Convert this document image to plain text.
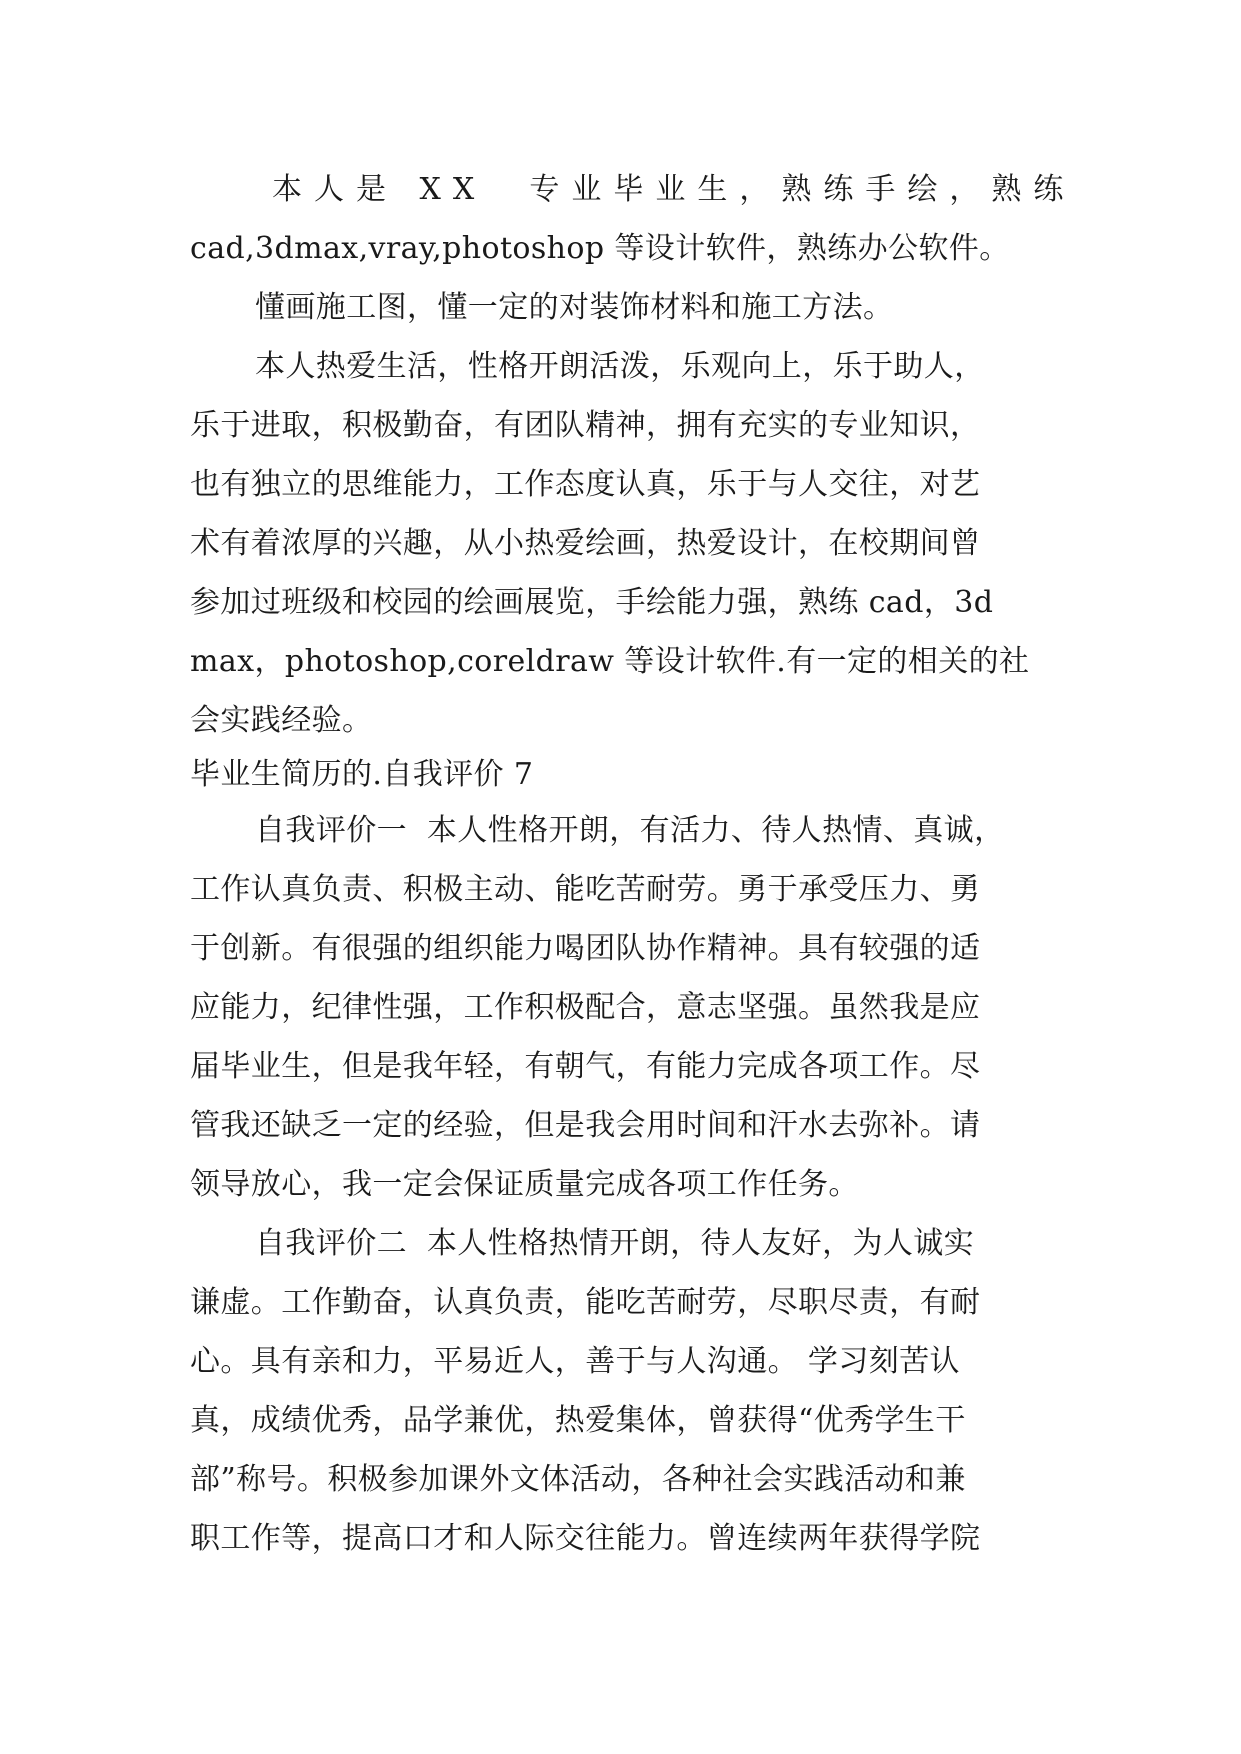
本人是 XX  专业毕业生，熟练手绘，熟练
cad,3dmax,vray,photoshop 等设计软件，熟练办公软件。
懂画施工图，懂一定的对装饰材料和施工方法。
本人热爱生活，性格开朗活泼，乐观向上，乐于助人，
乐于进取，积极勤奋，有团队精神，拥有充实的专业知识，
也有独立的思维能力，工作态度认真，乐于与人交往，对艺
术有着浓厚的兴趣，从小热爱绘画，热爱设计，在校期间曾
参加过班级和校园的绘画展览，手绘能力强，熟练 cad，3d
max，photoshop,coreldraw 等设计软件.有一定的相关的社
会实践经验。
毕业生简历的.自我评价 7
自我评价一  本人性格开朗，有活力、待人热情、真诚，
工作认真负责、积极主动、能吃苦耐劳。勇于承受压力、勇
于创新。有很强的组织能力喝团队协作精神。具有较强的适
应能力，纪律性强，工作积极配合，意志坚强。虽然我是应
届毕业生，但是我年轻，有朝气，有能力完成各项工作。尽
管我还缺乏一定的经验，但是我会用时间和汗水去弥补。请
领导放心，我一定会保证质量完成各项工作任务。
自我评价二  本人性格热情开朗，待人友好，为人诚实
谦虚。工作勤奋，认真负责，能吃苦耐劳，尽职尽责，有耐
心。具有亲和力，平易近人，善于与人沟通。 学习刻苦认
真，成绩优秀，品学兼优，热爱集体，曾获得“优秀学生干
部”称号。积极参加课外文体活动，各种社会实践活动和兼
职工作等，提高口才和人际交往能力。曾连续两年获得学院
